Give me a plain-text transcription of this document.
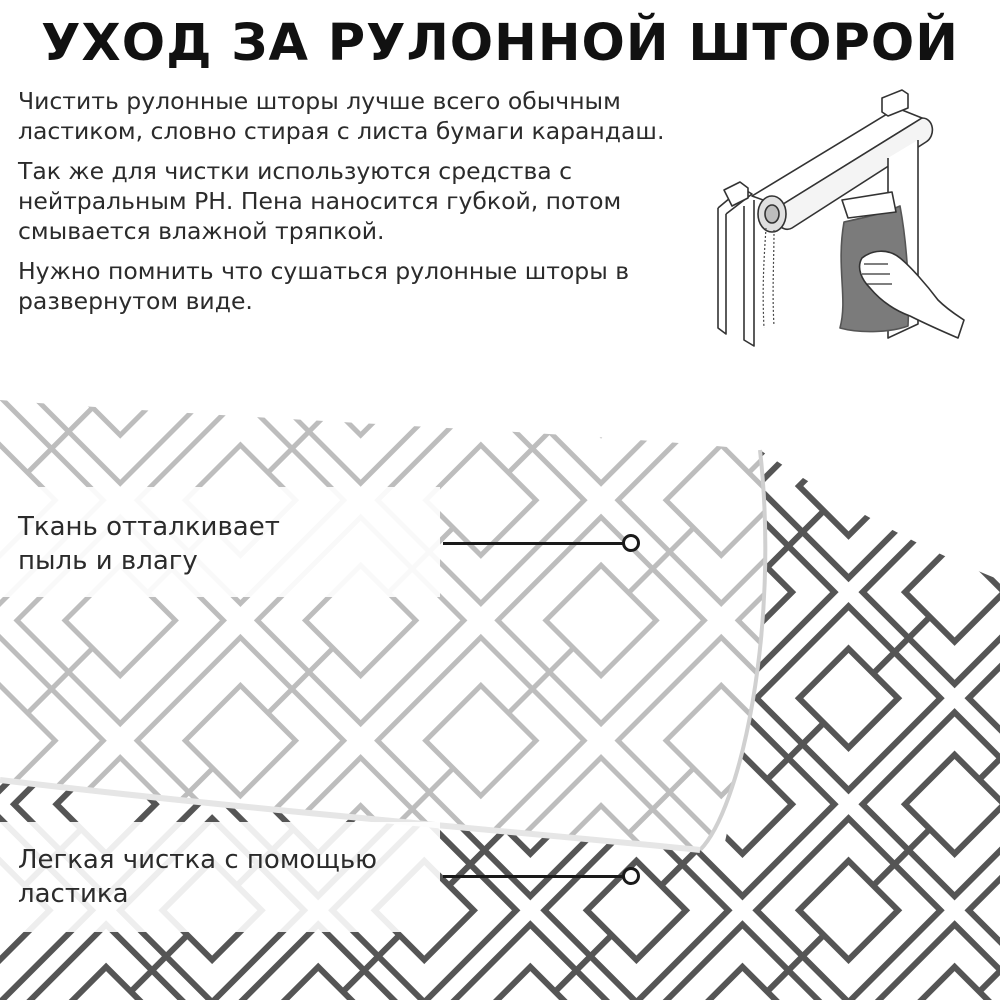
УХОД ЗА РУЛОННОЙ ШТОРОЙ

Чистить рулонные шторы лучше всего обычным ластиком, словно стирая с листа бумаги карандаш.

Так же для чистки используются средства с нейтральным РН. Пена наносится губкой, потом смывается влажной тряпкой.

Нужно помнить что сушаться рулонные шторы в развернутом виде.

Ткань отталкивает пыль и влагу
Легкая чистка с помощью ластика
